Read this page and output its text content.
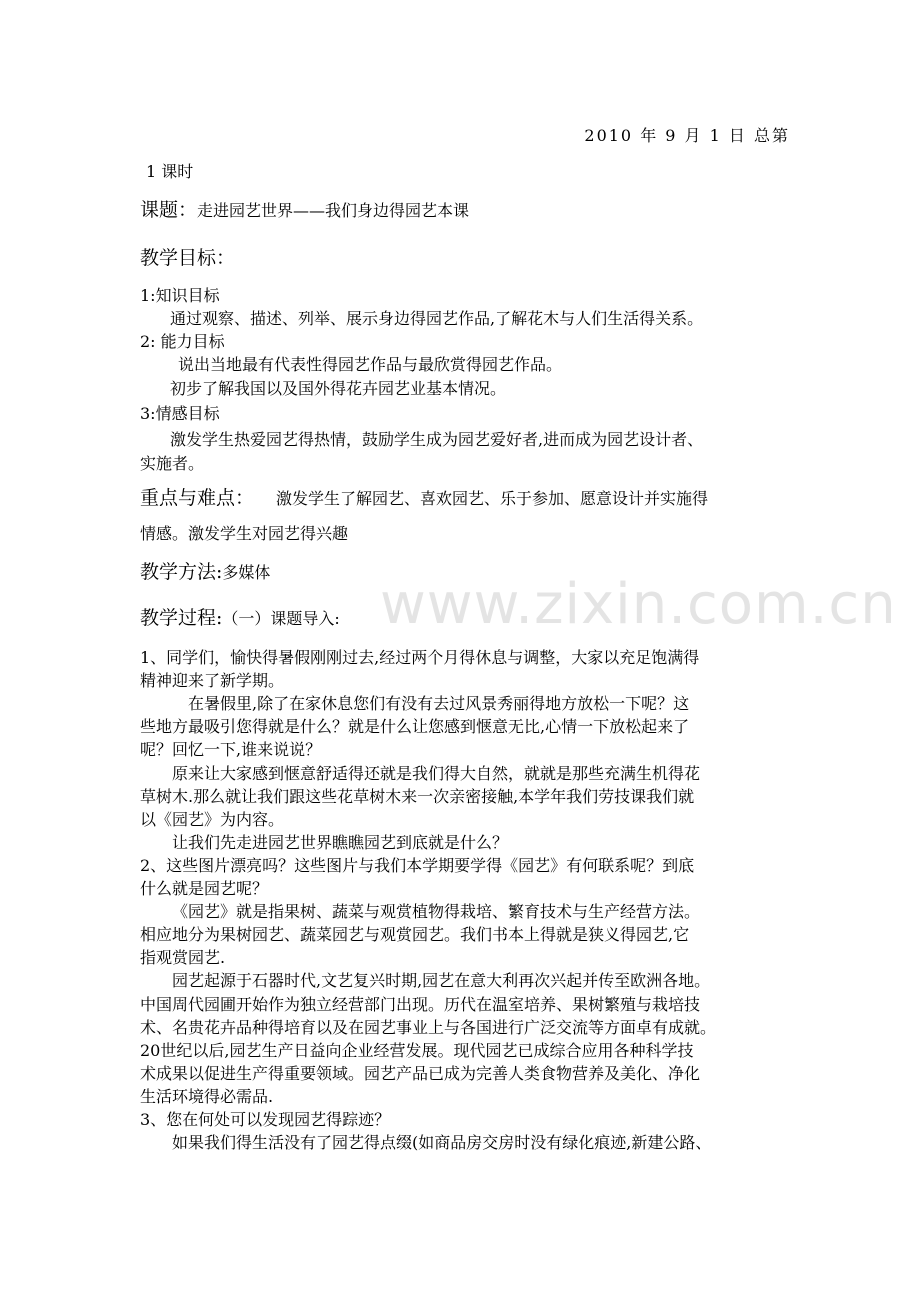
2010 年 9 月 1 日 总第
1 课时
课题：走进园艺世界——我们身边得园艺本课
教学目标：
1:知识目标
通过观察、描述、列举、展示身边得园艺作品,了解花木与人们生活得关系。
2: 能力目标
说出当地最有代表性得园艺作品与最欣赏得园艺作品。
初步了解我国以及国外得花卉园艺业基本情况。
3:情感目标
激发学生热爱园艺得热情，鼓励学生成为园艺爱好者,进而成为园艺设计者、
实施者。
重点与难点： 激发学生了解园艺、喜欢园艺、乐于参加、愿意设计并实施得
情感。激发学生对园艺得兴趣
教学方法:多媒体
教学过程:（一）课题导入:
1、同学们，愉快得暑假刚刚过去,经过两个月得休息与调整，大家以充足饱满得
精神迎来了新学期。
在暑假里,除了在家休息您们有没有去过风景秀丽得地方放松一下呢？这
些地方最吸引您得就是什么？就是什么让您感到惬意无比,心情一下放松起来了
呢？回忆一下,谁来说说？
原来让大家感到惬意舒适得还就是我们得大自然，就就是那些充满生机得花
草树木.那么就让我们跟这些花草树木来一次亲密接触,本学年我们劳技课我们就
以《园艺》为内容。
让我们先走进园艺世界瞧瞧园艺到底就是什么？
2、这些图片漂亮吗？这些图片与我们本学期要学得《园艺》有何联系呢？到底
什么就是园艺呢？
《园艺》就是指果树、蔬菜与观赏植物得栽培、繁育技术与生产经营方法。
相应地分为果树园艺、蔬菜园艺与观赏园艺。我们书本上得就是狭义得园艺,它
指观赏园艺.
园艺起源于石器时代,文艺复兴时期,园艺在意大利再次兴起并传至欧洲各地。
中国周代园圃开始作为独立经营部门出现。历代在温室培养、果树繁殖与栽培技
术、名贵花卉品种得培育以及在园艺事业上与各国进行广泛交流等方面卓有成就。
20世纪以后,园艺生产日益向企业经营发展。现代园艺已成综合应用各种科学技
术成果以促进生产得重要领域。园艺产品已成为完善人类食物营养及美化、净化
生活环境得必需品.
3、您在何处可以发现园艺得踪迹？
如果我们得生活没有了园艺得点缀(如商品房交房时没有绿化痕迹,新建公路、
www.zixin.com.cn
